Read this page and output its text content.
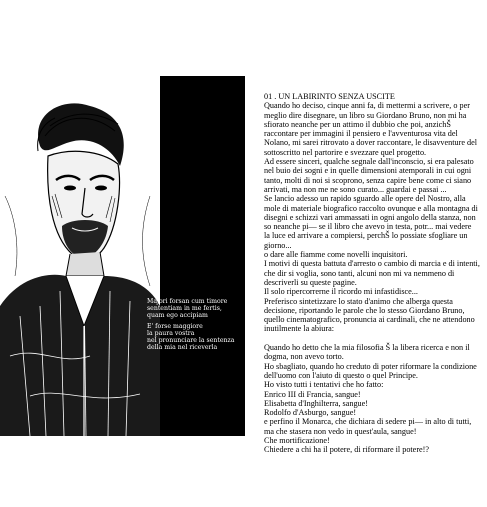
Majori forsan cum timore
sententiam in me fertis,
quam ego accipiam

E' forse maggiore
la paura vostra
nel pronunciare la sentenza
della mia nel riceverla

01 . UN LABIRINTO SENZA USCITE
Quando ho deciso, cinque anni fa, di mettermi a scrivere, o per
meglio dire disegnare, un libro su Giordano Bruno, non mi ha
sfiorato neanche per un attimo il dubbio che poi, anzichŠ
raccontare per immagini il pensiero e l'avventurosa vita del
Nolano, mi sarei ritrovato a dover raccontare, le disavventure del
sottoscritto nel partorire e svezzare quel progetto.
Ad essere sinceri, qualche segnale dall'inconscio, si era palesato
nel buio dei sogni e in quelle dimensioni atemporali in cui ogni
tanto, molti di noi si scoprono, senza capire bene come ci siano
arrivati, ma non me ne sono curato... guardai e passai ...
Se lancio adesso un rapido sguardo alle opere del Nostro, alla
mole di materiale biografico raccolto ovunque e alla montagna di
disegni e schizzi vari ammassati in ogni angolo della stanza, non
so neanche pi— se il libro che avevo in testa, potr... mai vedere
la luce ed arrivare a compiersi, perchŠ lo possiate sfogliare un
giorno...
o dare alle fiamme come novelli inquisitori.
I motivi di questa battuta d'arresto o cambio di marcia e di intenti,
che dir si voglia, sono tanti, alcuni non mi va nemmeno di
descriverli su queste pagine.
Il solo ripercorrerne il ricordo mi infastidisce...
Preferisco sintetizzare lo stato d'animo che alberga questa
decisione, riportando le parole che lo stesso Giordano Bruno,
quello cinematografico, pronuncia ai cardinali, che ne attendono
inutilmente la abiura:
Quando ho detto che la mia filosofia Š la libera ricerca e non il
dogma, non avevo torto.
Ho sbagliato, quando ho creduto di poter riformare la condizione
dell'uomo con l'aiuto di questo o quel Principe.
Ho visto tutti i tentativi che ho fatto:
Enrico III di Francia, sangue!
Elisabetta d'Inghilterra, sangue!
Rodolfo d'Asburgo, sangue!
e perfino il Monarca, che dichiara di sedere pi— in alto di tutti,
ma che stasera non vedo in quest'aula, sangue!
Che mortificazione!
Chiedere a chi ha il potere, di riformare il potere!?
